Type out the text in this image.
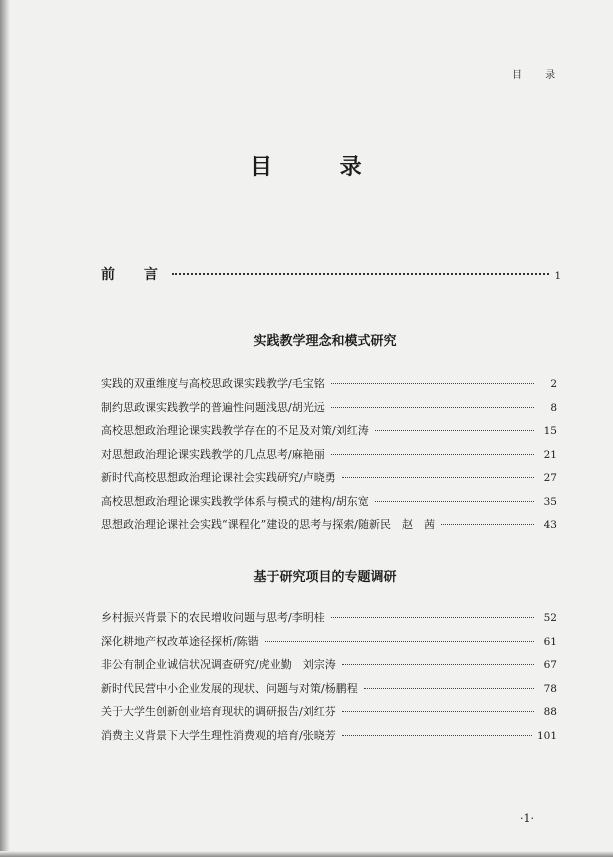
目 录
目 录
前 言	1
实践教学理念和模式研究
实践的双重维度与高校思政课实践教学/毛宝铭	2
制约思政课实践教学的普遍性问题浅思/胡光远	8
高校思想政治理论课实践教学存在的不足及对策/刘红涛	15
对思想政治理论课实践教学的几点思考/麻艳丽	21
新时代高校思想政治理论课社会实践研究/卢晓勇	27
高校思想政治理论课实践教学体系与模式的建构/胡东宽	35
思想政治理论课社会实践“课程化”建设的思考与探索/随新民　赵　茜	43
基于研究项目的专题调研
乡村振兴背景下的农民增收问题与思考/李明桂	52
深化耕地产权改革途径探析/陈锴	61
非公有制企业诚信状况调查研究/虎业勤　刘宗涛	67
新时代民营中小企业发展的现状、问题与对策/杨鹏程	78
关于大学生创新创业培育现状的调研报告/刘红芬	88
消费主义背景下大学生理性消费观的培育/张晓芳	101
·1·
